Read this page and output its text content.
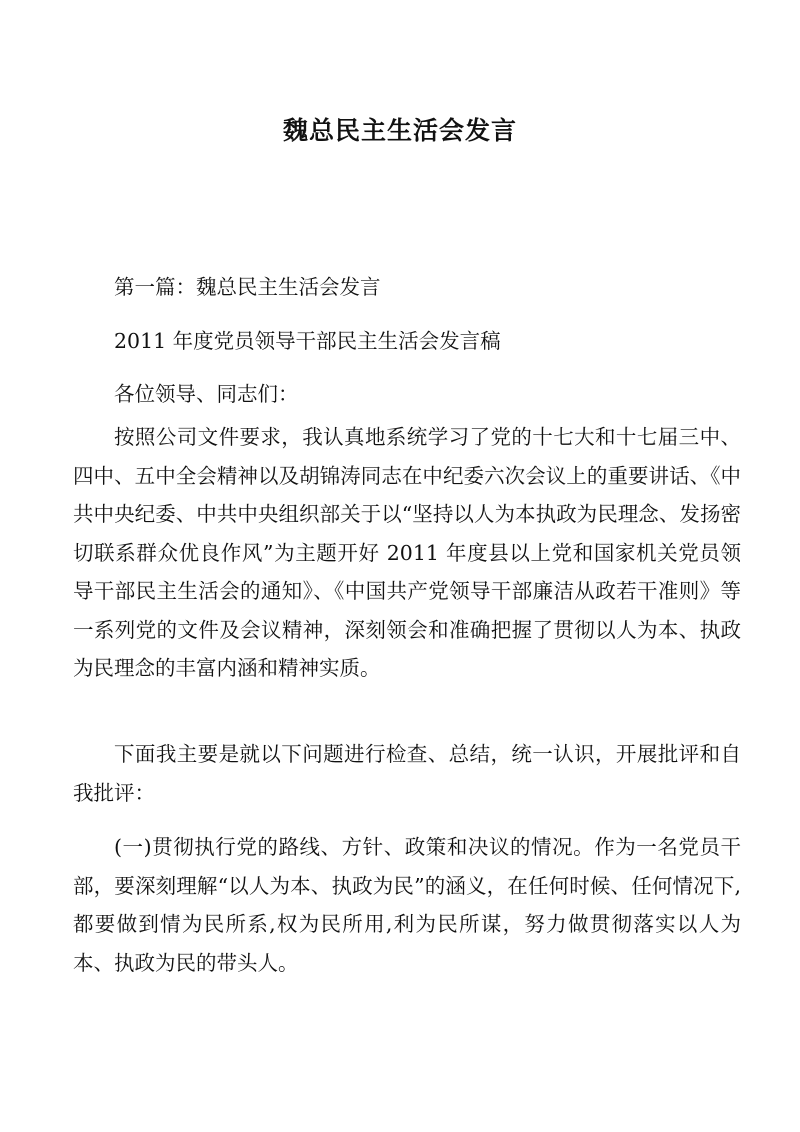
魏总民主生活会发言

第一篇：魏总民主生活会发言

2011 年度党员领导干部民主生活会发言稿

各位领导、同志们：

按照公司文件要求，我认真地系统学习了党的十七大和十七届三中、四中、五中全会精神以及胡锦涛同志在中纪委六次会议上的重要讲话、《中共中央纪委、中共中央组织部关于以“坚持以人为本执政为民理念、发扬密切联系群众优良作风”为主题开好 2011 年度县以上党和国家机关党员领导干部民主生活会的通知》、《中国共产党领导干部廉洁从政若干准则》等一系列党的文件及会议精神，深刻领会和准确把握了贯彻以人为本、执政为民理念的丰富内涵和精神实质。

下面我主要是就以下问题进行检查、总结，统一认识，开展批评和自我批评：

(一)贯彻执行党的路线、方针、政策和决议的情况。作为一名党员干部，要深刻理解“以人为本、执政为民”的涵义，在任何时候、任何情况下,都要做到情为民所系,权为民所用,利为民所谋，努力做贯彻落实以人为本、执政为民的带头人。
